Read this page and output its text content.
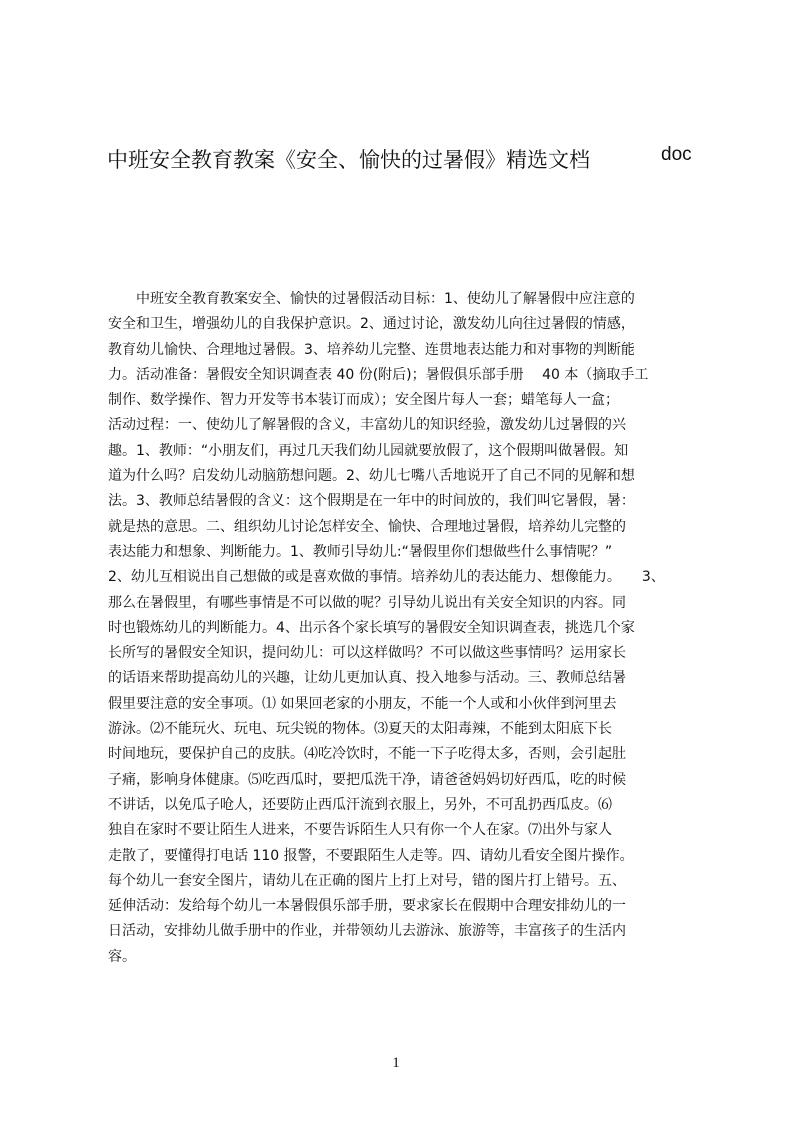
中班安全教育教案《安全、愉快的过暑假》精选文档	doc
　　中班安全教育教案安全、愉快的过暑假活动目标：1、使幼儿了解暑假中应注意的
安全和卫生，增强幼儿的自我保护意识。2、通过讨论，激发幼儿向往过暑假的情感，
教育幼儿愉快、合理地过暑假。3、培养幼儿完整、连贯地表达能力和对事物的判断能
力。活动准备：暑假安全知识调查表 40 份(附后)；暑假俱乐部手册　 40 本（摘取手工
制作、数学操作、智力开发等书本装订而成）；安全图片每人一套；蜡笔每人一盒；
活动过程：一、使幼儿了解暑假的含义，丰富幼儿的知识经验，激发幼儿过暑假的兴
趣。1、教师：“小朋友们，再过几天我们幼儿园就要放假了，这个假期叫做暑假。知
道为什么吗？启发幼儿动脑筋想问题。2、幼儿七嘴八舌地说开了自己不同的见解和想
法。3、教师总结暑假的含义：这个假期是在一年中的时间放的，我们叫它暑假，暑：
就是热的意思。二、组织幼儿讨论怎样安全、愉快、合理地过暑假，培养幼儿完整的
表达能力和想象、判断能力。1、教师引导幼儿:“暑假里你们想做些什么事情呢？”
2、幼儿互相说出自己想做的或是喜欢做的事情。培养幼儿的表达能力、想像能力。　　3、
那么在暑假里，有哪些事情是不可以做的呢？引导幼儿说出有关安全知识的内容。同
时也锻炼幼儿的判断能力。4、出示各个家长填写的暑假安全知识调查表，挑选几个家
长所写的暑假安全知识，提问幼儿：可以这样做吗？不可以做这些事情吗？运用家长
的话语来帮助提高幼儿的兴趣，让幼儿更加认真、投入地参与活动。三、教师总结暑
假里要注意的安全事项。⑴ 如果回老家的小朋友，不能一个人或和小伙伴到河里去
游泳。⑵不能玩火、玩电、玩尖锐的物体。⑶夏天的太阳毒辣，不能到太阳底下长
时间地玩，要保护自己的皮肤。⑷吃冷饮时，不能一下子吃得太多，否则，会引起肚
子痛，影响身体健康。⑸吃西瓜时，要把瓜洗干净，请爸爸妈妈切好西瓜，吃的时候
不讲话，以免瓜子呛人，还要防止西瓜汗流到衣服上，另外，不可乱扔西瓜皮。⑹
独自在家时不要让陌生人进来，不要告诉陌生人只有你一个人在家。⑺出外与家人
走散了，要懂得打电话 110 报警，不要跟陌生人走等。四、请幼儿看安全图片操作。
每个幼儿一套安全图片，请幼儿在正确的图片上打上对号，错的图片打上错号。五、
延伸活动：发给每个幼儿一本暑假俱乐部手册，要求家长在假期中合理安排幼儿的一
日活动，安排幼儿做手册中的作业，并带领幼儿去游泳、旅游等，丰富孩子的生活内
容。
1
